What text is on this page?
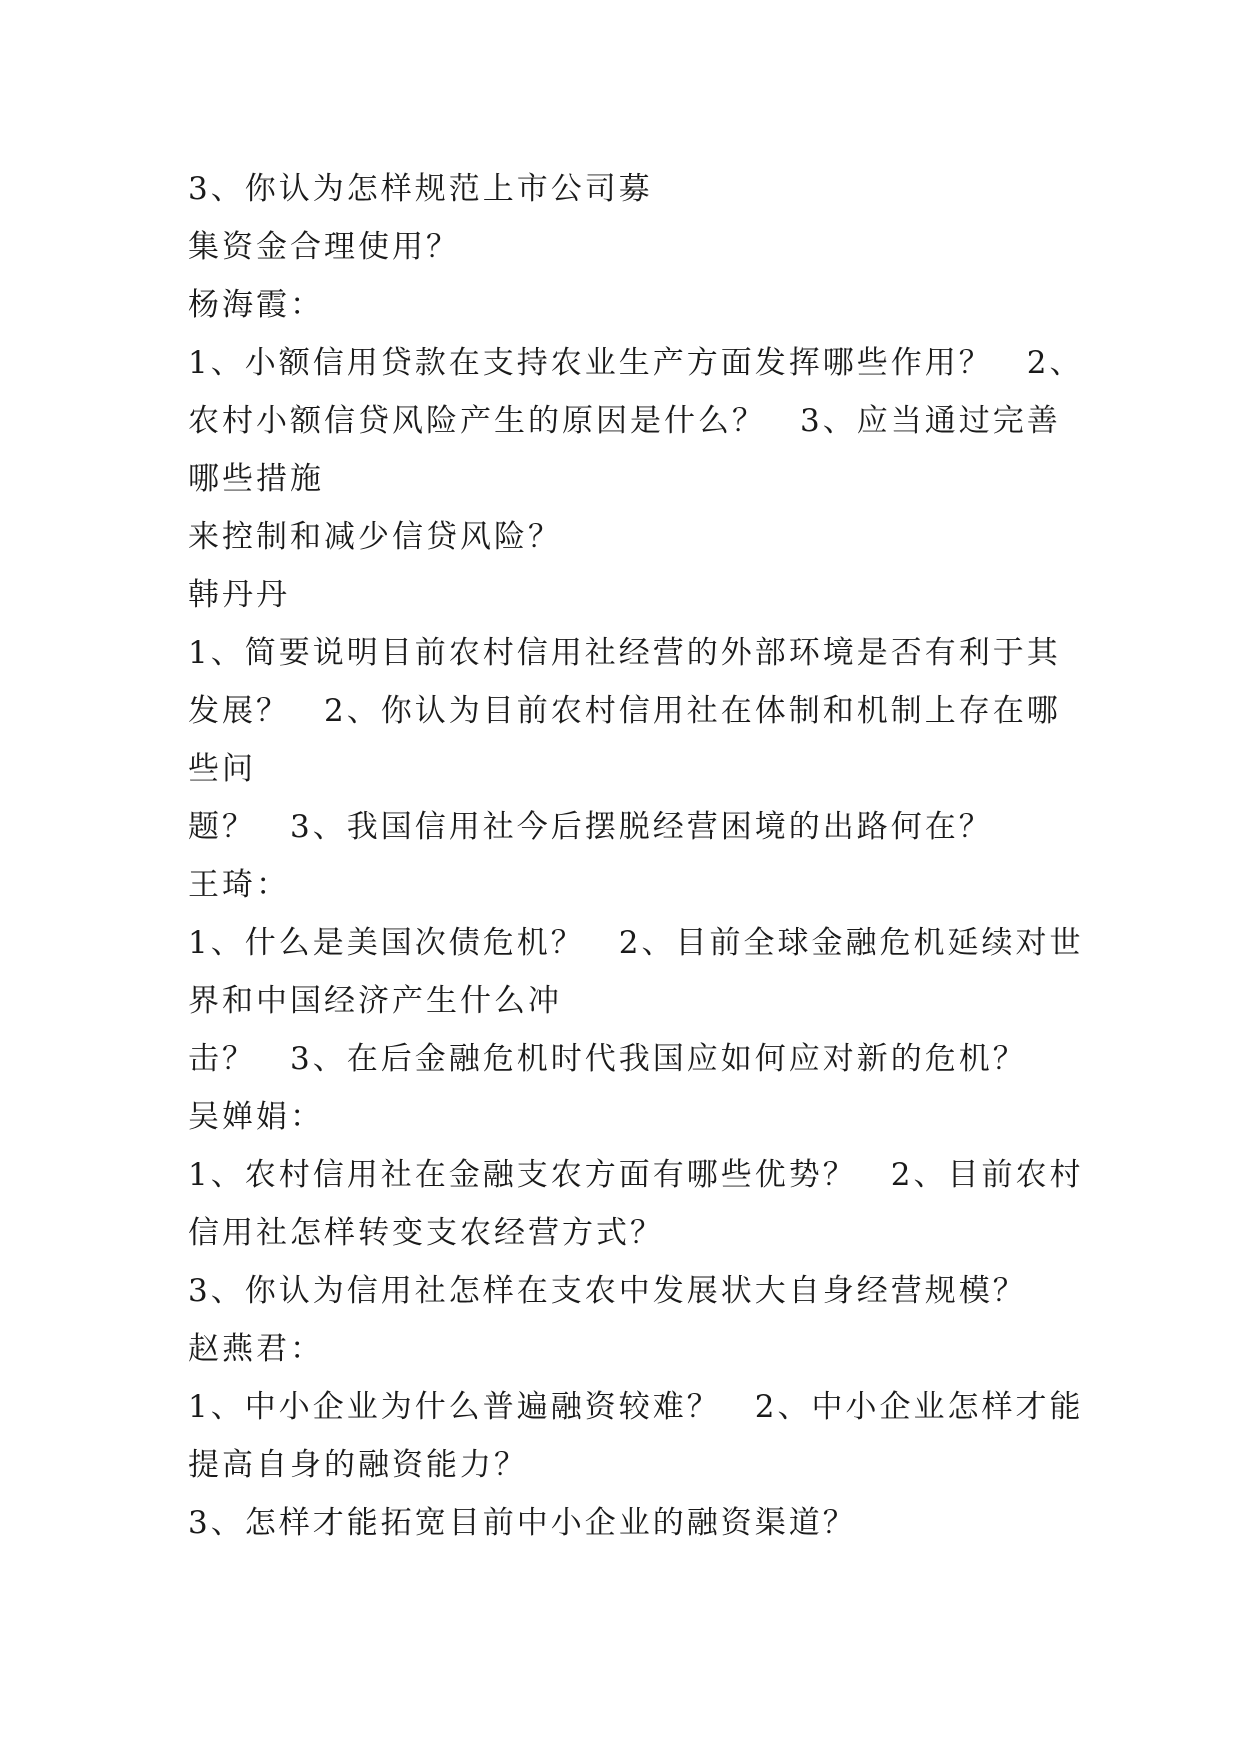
3、你认为怎样规范上市公司募
集资金合理使用？
杨海霞：
1、小额信用贷款在支持农业生产方面发挥哪些作用？　2、
农村小额信贷风险产生的原因是什么？　3、应当通过完善
哪些措施
来控制和减少信贷风险？
韩丹丹
1、简要说明目前农村信用社经营的外部环境是否有利于其
发展？　2、你认为目前农村信用社在体制和机制上存在哪
些问
题？　3、我国信用社今后摆脱经营困境的出路何在？
王琦：
1、什么是美国次债危机？　2、目前全球金融危机延续对世
界和中国经济产生什么冲
击？　3、在后金融危机时代我国应如何应对新的危机？
吴婵娟：
1、农村信用社在金融支农方面有哪些优势？　2、目前农村
信用社怎样转变支农经营方式？
3、你认为信用社怎样在支农中发展状大自身经营规模？
赵燕君：
1、中小企业为什么普遍融资较难？　2、中小企业怎样才能
提高自身的融资能力？
3、怎样才能拓宽目前中小企业的融资渠道？
